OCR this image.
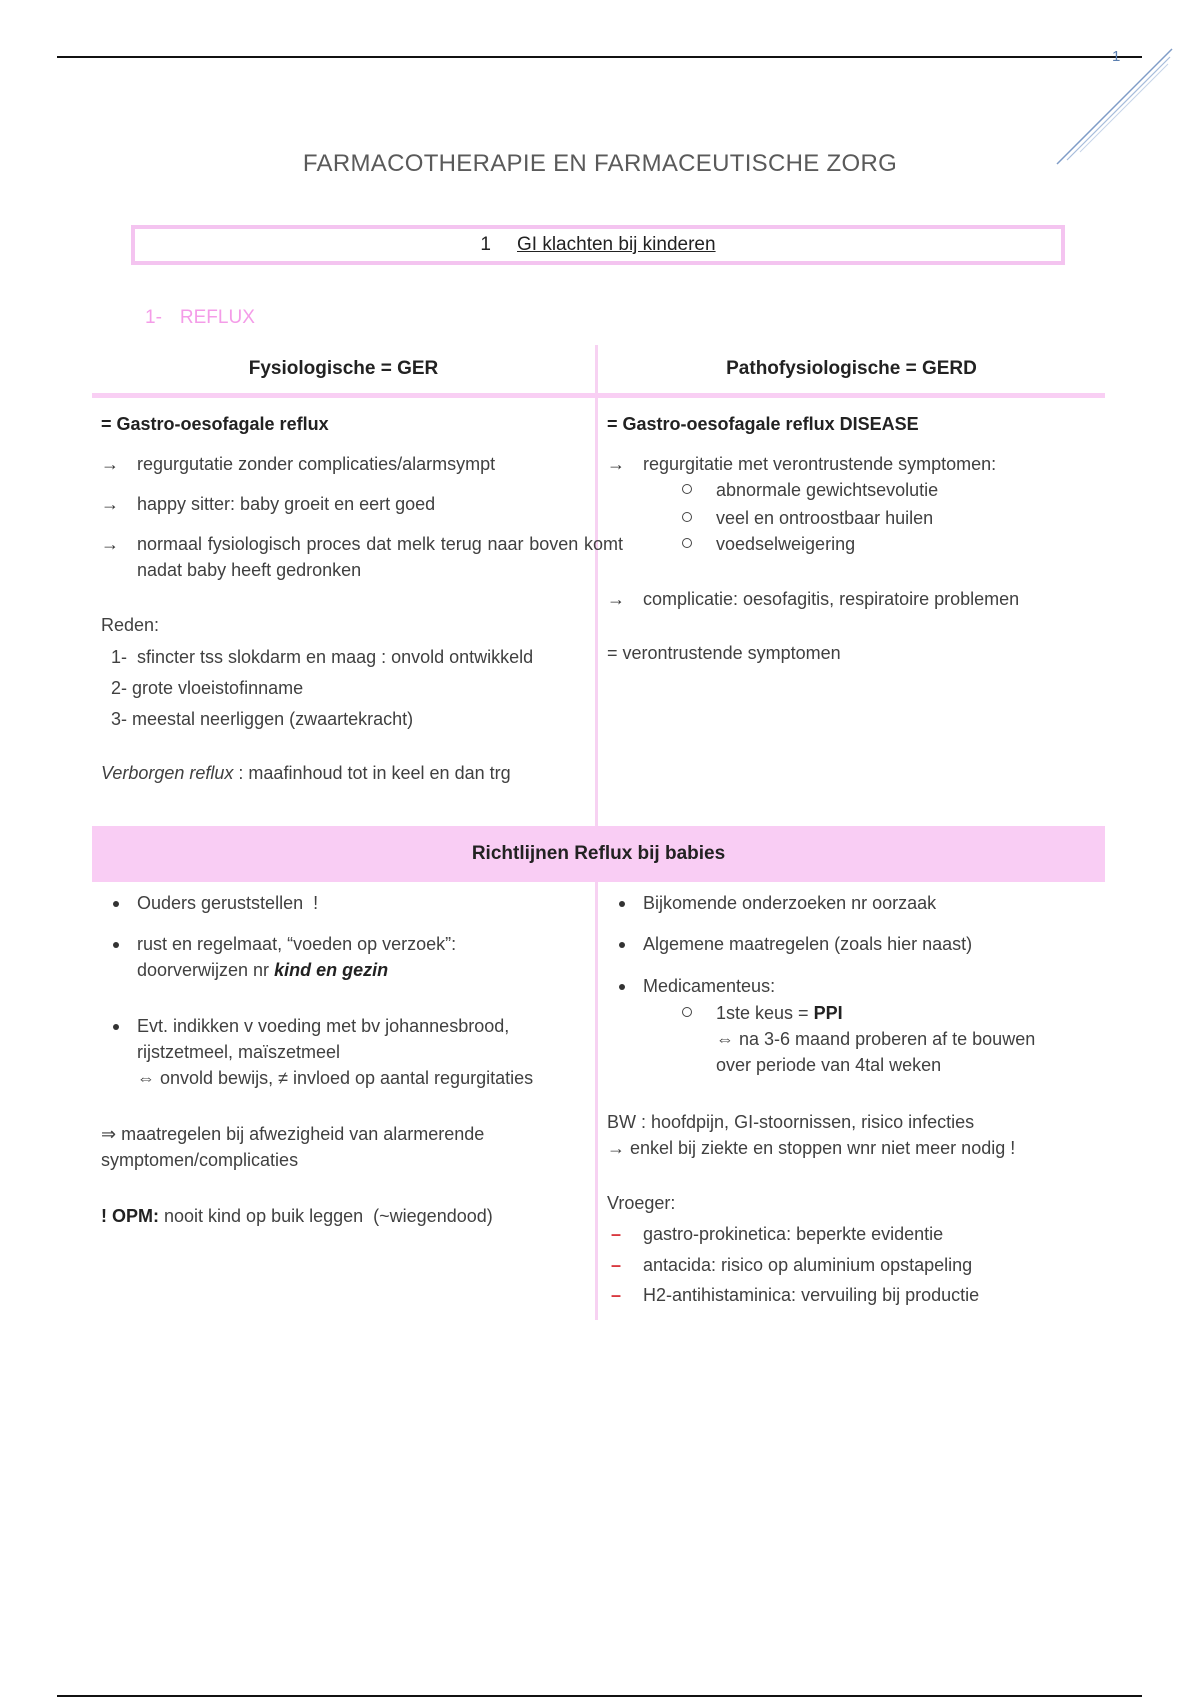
1
FARMACOTHERAPIE EN FARMACEUTISCHE ZORG
1 GI klachten bij kinderen
1- REFLUX
Fysiologische = GER	Pathofysiologische = GERD
= Gastro-oesofagale reflux
→ regurgutatie zonder complicaties/alarmsympt
→ happy sitter: baby groeit en eert goed
→ normaal fysiologisch proces dat melk terug naar boven komt nadat baby heeft gedronken
Reden:
1-  sfincter tss slokdarm en maag : onvold ontwikkeld
2- grote vloeistofinname
3- meestal neerliggen (zwaartekracht)
Verborgen reflux : maafinhoud tot in keel en dan trg
= Gastro-oesofagale reflux DISEASE
→ regurgitatie met verontrustende symptomen:
abnormale gewichtsevolutie
veel en ontroostbaar huilen
voedselweigering
→ complicatie: oesofagitis, respiratoire problemen
= verontrustende symptomen
Richtlijnen Reflux bij babies
Ouders geruststellen  !
rust en regelmaat, “voeden op verzoek”: doorverwijzen nr kind en gezin
Evt. indikken v voeding met bv johannesbrood,
rijstzetmeel, maïszetmeel
⇔ onvold bewijs, ≠ invloed op aantal regurgitaties
⇒ maatregelen bij afwezigheid van alarmerende symptomen/complicaties
! OPM: nooit kind op buik leggen  (~wiegendood)
Bijkomende onderzoeken nr oorzaak
Algemene maatregelen (zoals hier naast)
Medicamenteus:
1ste keus = PPI
⇔ na 3-6 maand proberen af te bouwen
over periode van 4tal weken
BW : hoofdpijn, GI-stoornissen, risico infecties
→ enkel bij ziekte en stoppen wnr niet meer nodig !
Vroeger:
– gastro-prokinetica: beperkte evidentie
– antacida: risico op aluminium opstapeling
– H2-antihistaminica: vervuiling bij productie
